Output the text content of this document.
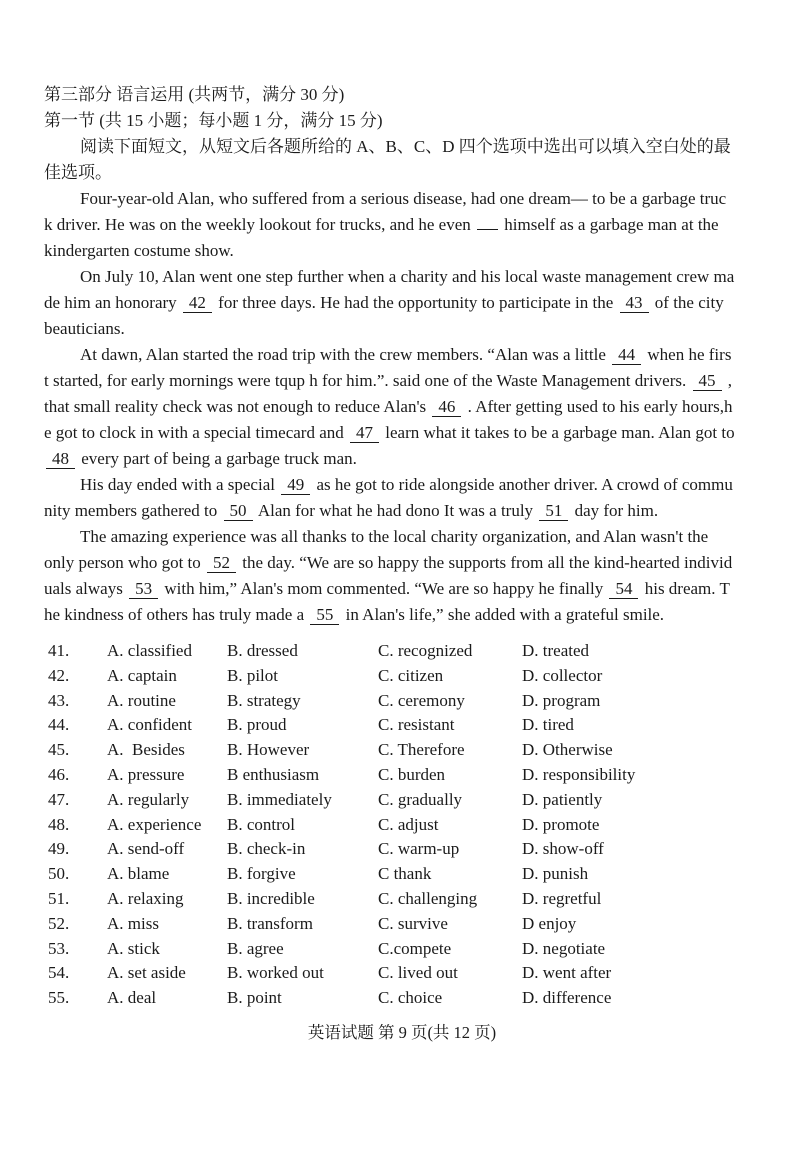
第三部分 语言运用 (共两节，满分 30 分)
第一节 (共 15 小题；每小题 1 分，满分 15 分)
阅读下面短文，从短文后各题所给的 A、B、C、D 四个选项中选出可以填入空白处的最
佳选项。
Four-year-old Alan, who suffered from a serious disease, had one dream— to be a garbage truc
k driver. He was on the weekly lookout for trucks, and he even  himself as a garbage man at the
kindergarten costume show.
On July 10, Alan went one step further when a charity and his local waste management crew ma
de him an honorary 42 for three days. He had the opportunity to participate in the 43 of the city
beauticians.
At dawn, Alan started the road trip with the crew members. “Alan was a little 44 when he firs
t started, for early mornings were tqup h for him.”. said one of the Waste Management drivers. 45 ,
that small reality check was not enough to reduce Alan's 46 . After getting used to his early hours,h
e got to clock in with a special timecard and 47 learn what it takes to be a garbage man. Alan got to
48 every part of being a garbage truck man.
His day ended with a special 49 as he got to ride alongside another driver. A crowd of commu
nity members gathered to 50 Alan for what he had dono It was a truly 51 day for him.
The amazing experience was all thanks to the local charity organization, and Alan wasn't the
only person who got to 52 the day. “We are so happy the supports from all the kind-hearted individ
uals always 53 with him,” Alan's mom commented. “We are so happy he finally 54 his dream. T
he kindness of others has truly made a 55 in Alan's life,” she added with a grateful smile.
41.	A. classified	B. dressed	C. recognized	D. treated
42.	A. captain	B. pilot	C. citizen	D. collector
43.	A. routine	B. strategy	C. ceremony	D. program
44.	A. confident	B. proud	C. resistant	D. tired
45.	A.  Besides	B. However	C. Therefore	D. Otherwise
46.	A. pressure	B enthusiasm	C. burden	D. responsibility
47.	A. regularly	B. immediately	C. gradually	D. patiently
48.	A. experience	B. control	C. adjust	D. promote
49.	A. send-off	B. check-in	C. warm-up	D. show-off
50.	A. blame	B. forgive	C thank	D. punish
51.	A. relaxing	B. incredible	C. challenging	D. regretful
52.	A. miss	B. transform	C. survive	D enjoy
53.	A. stick	B. agree	C.compete	D. negotiate
54.	A. set aside	B. worked out	C. lived out	D. went after
55.	A. deal	B. point	C. choice	D. difference
英语试题 第 9 页(共 12 页)
